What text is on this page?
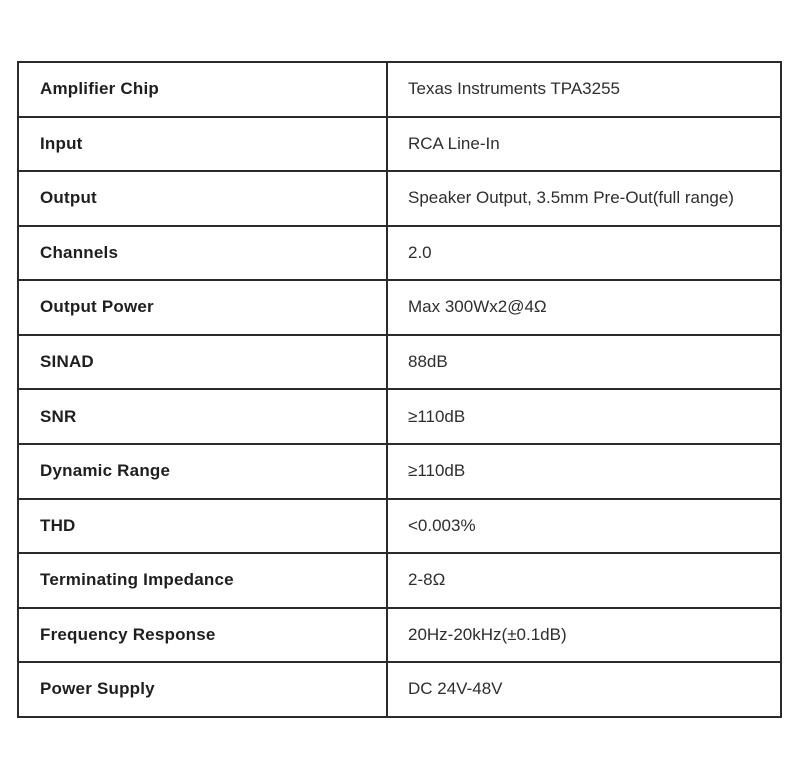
Amplifier Chip	Texas Instruments TPA3255
Input	RCA Line-In
Output	Speaker Output, 3.5mm Pre-Out(full range)
Channels	2.0
Output Power	Max 300Wx2@4Ω
SINAD	88dB
SNR	≥110dB
Dynamic Range	≥110dB
THD	<0.003%
Terminating Impedance	2-8Ω
Frequency Response	20Hz-20kHz(±0.1dB)
Power Supply	DC 24V-48V
